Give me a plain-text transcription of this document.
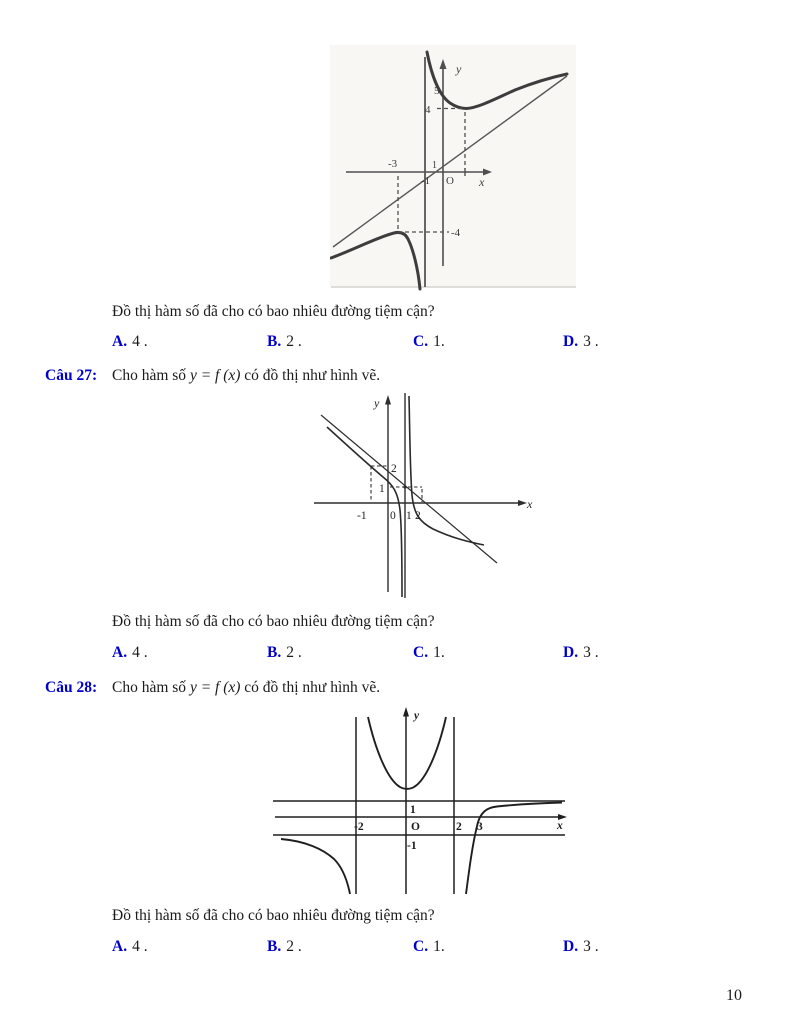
y
x
5
4
-3	1
-1 O
-4
Đồ thị hàm số đã cho có bao nhiêu đường tiệm cận?
A. 4 .	B. 2 .	C. 1.	D. 3 .
Câu 27: Cho hàm số y = f (x) có đồ thị như hình vẽ.
y
x
2
1
-1 0 1 2
Đồ thị hàm số đã cho có bao nhiêu đường tiệm cận?
A. 4 .	B. 2 .	C. 1.	D. 3 .
Câu 28: Cho hàm số y = f (x) có đồ thị như hình vẽ.
y
x
-2	O	2 3
1
-1
Đồ thị hàm số đã cho có bao nhiêu đường tiệm cận?
A. 4 .	B. 2 .	C. 1.	D. 3 .
10
